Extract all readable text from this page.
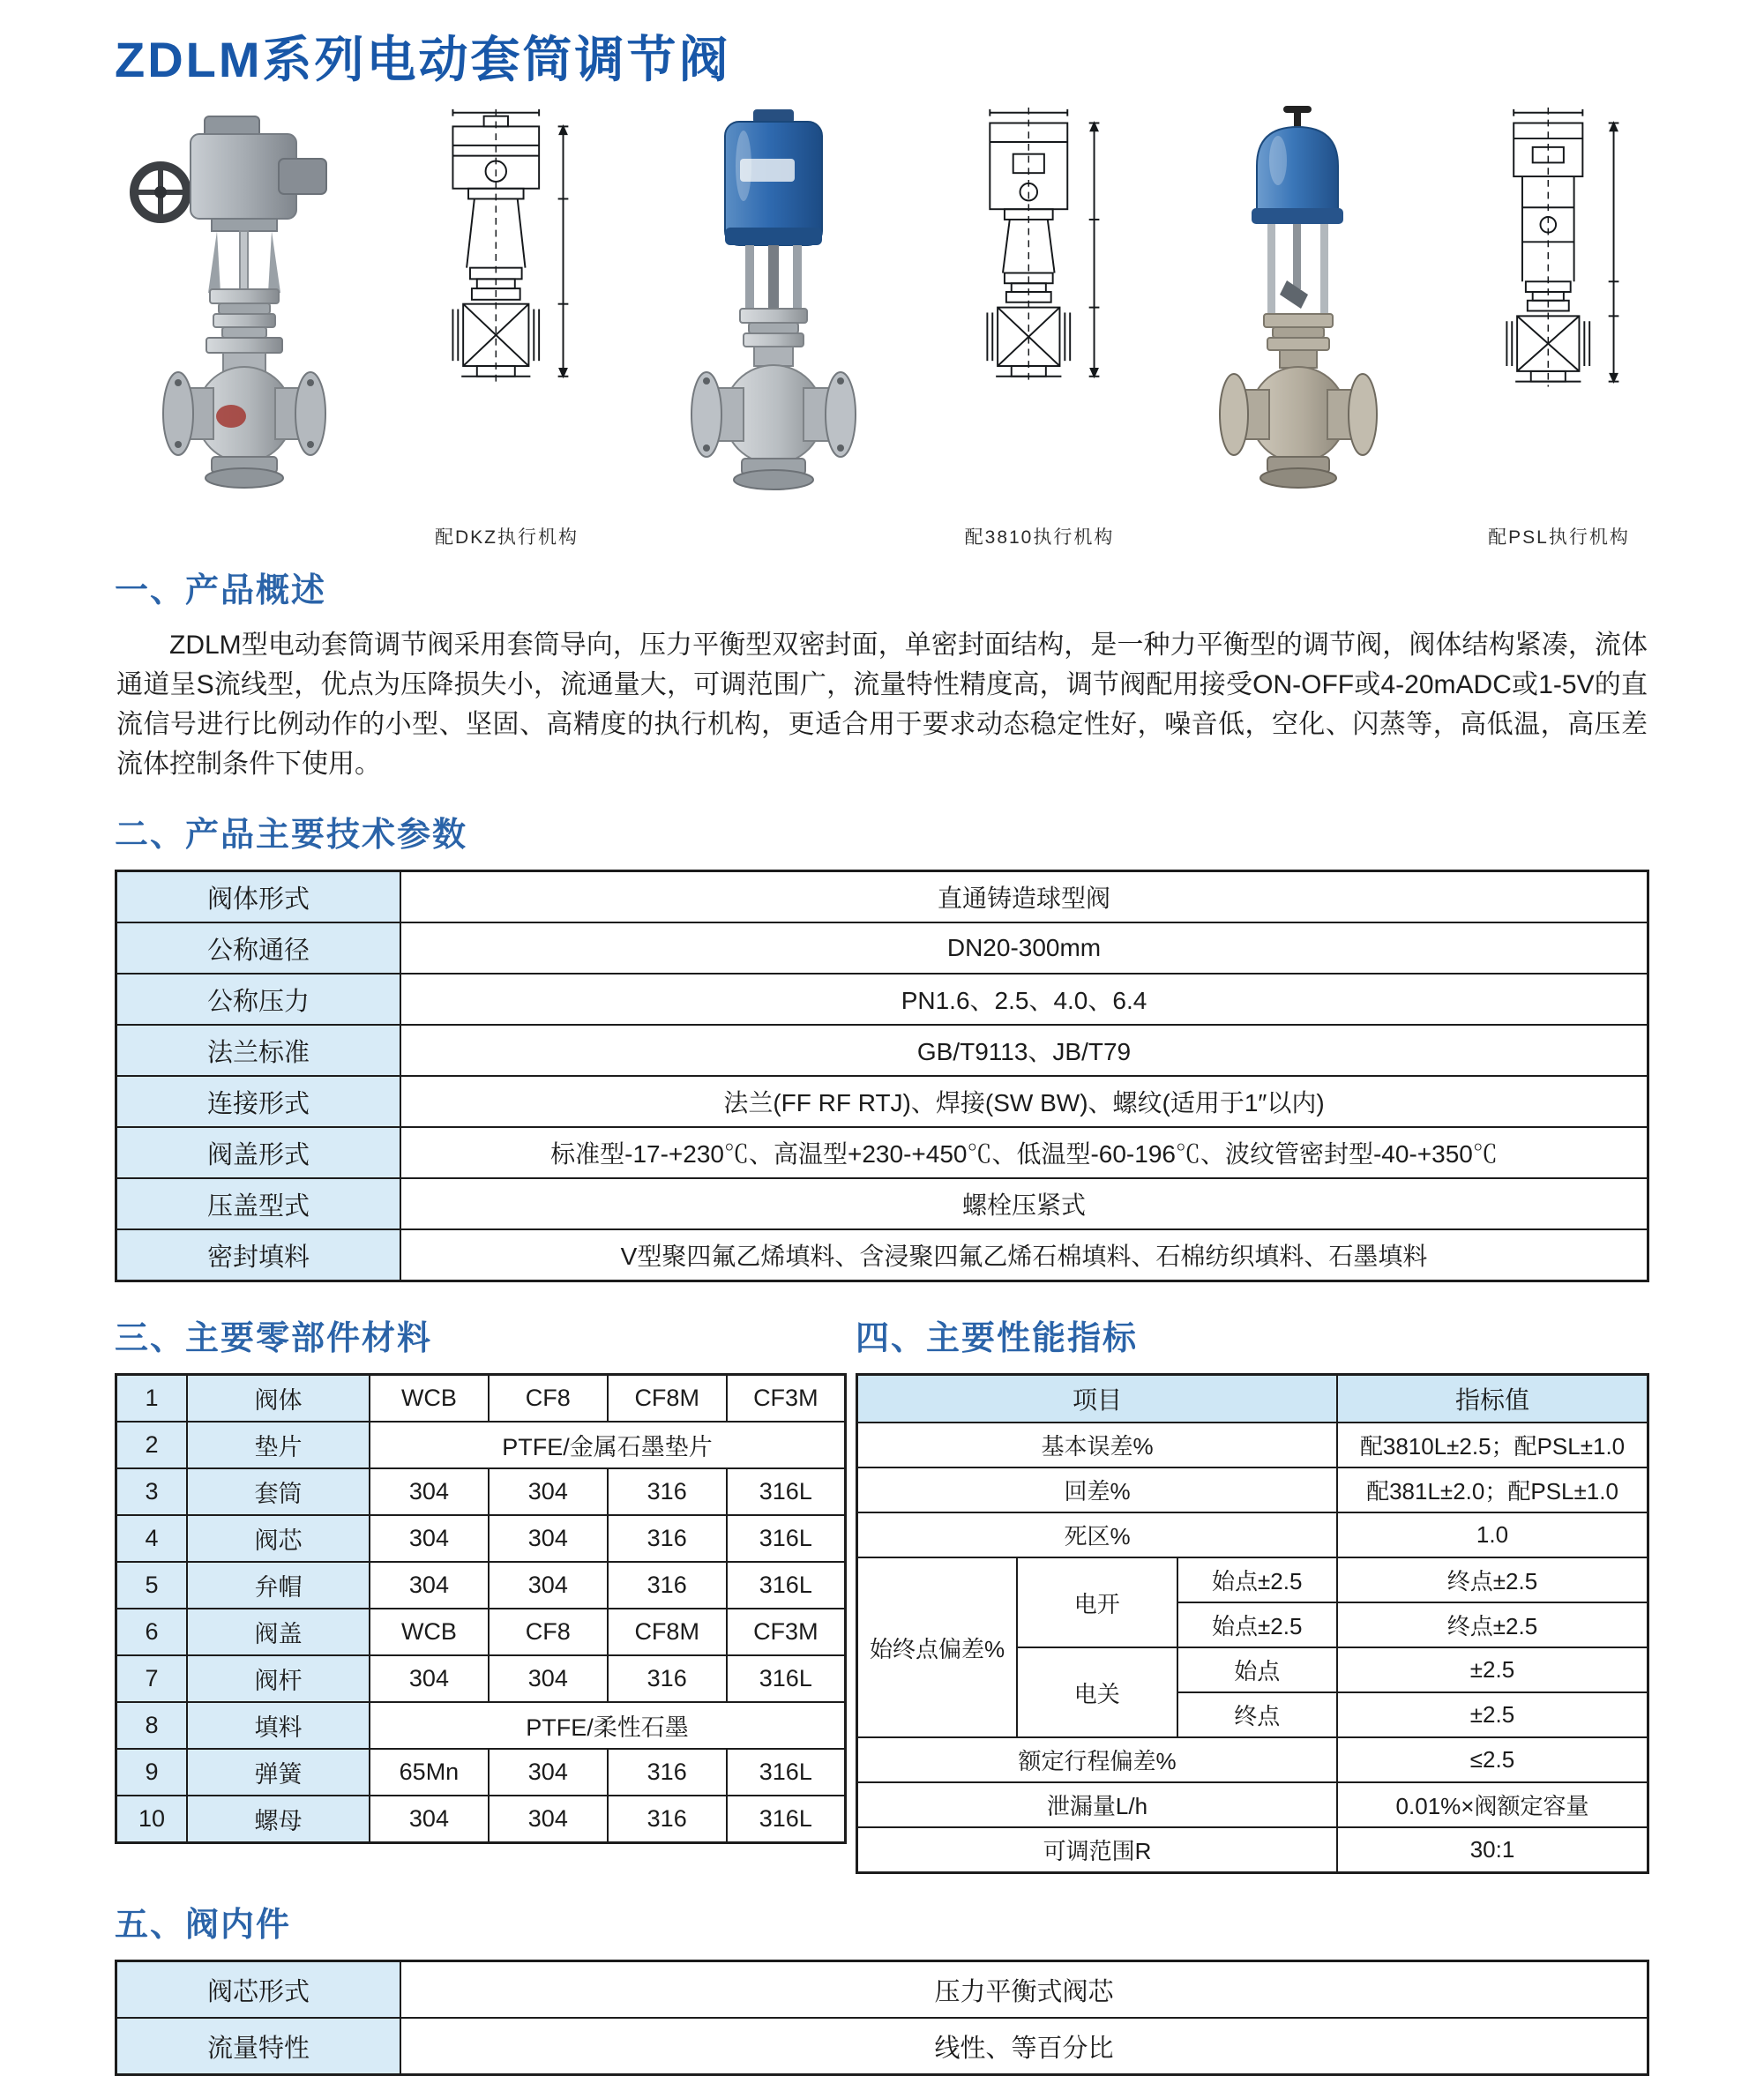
ZDLM系列电动套筒调节阀
配DKZ执行机构	配3810执行机构	配PSL执行机构
一、产品概述

ZDLM型电动套筒调节阀采用套筒导向，压力平衡型双密封面，单密封面结构，是一种力平衡型的调节阀，阀体结构紧凑，流体通道呈S流线型，优点为压降损失小，流通量大，可调范围广，流量特性精度高，调节阀配用接受ON-OFF或4-20mADC或1-5V的直流信号进行比例动作的小型、坚固、高精度的执行机构，更适合用于要求动态稳定性好，噪音低，空化、闪蒸等，高低温，高压差流体控制条件下使用。

二、产品主要技术参数
阀体形式	直通铸造球型阀
公称通径	DN20-300mm
公称压力	PN1.6、2.5、4.0、6.4
法兰标准	GB/T9113、JB/T79
连接形式	法兰(FF RF RTJ)、焊接(SW BW)、螺纹(适用于1″以内)
阀盖形式	标准型-17-+230℃、高温型+230-+450℃、低温型-60-196℃、波纹管密封型-40-+350℃
压盖型式	螺栓压紧式
密封填料	V型聚四氟乙烯填料、含浸聚四氟乙烯石棉填料、石棉纺织填料、石墨填料
三、主要零部件材料
1	阀体	WCB	CF8	CF8M	CF3M
2	垫片	PTFE/金属石墨垫片			
3	套筒	304	304	316	316L
4	阀芯	304	304	316	316L
5	弁帽	304	304	316	316L
6	阀盖	WCB	CF8	CF8M	CF3M
7	阀杆	304	304	316	316L
8	填料	PTFE/柔性石墨			
9	弹簧	65Mn	304	316	316L
10	螺母	304	304	316	316L
四、主要性能指标
项目			指标值
基本误差%			配3810L±2.5；配PSL±1.0
回差%			配381L±2.0；配PSL±1.0
死区%			1.0
始终点偏差%	电开	始点±2.5	终点±2.5
		始点±2.5	终点±2.5
	电关	始点	±2.5
		终点	±2.5
额定行程偏差%			≤2.5
泄漏量L/h			0.01%×阀额定容量
可调范围R			30:1
五、阀内件
阀芯形式	压力平衡式阀芯
流量特性	线性、等百分比
